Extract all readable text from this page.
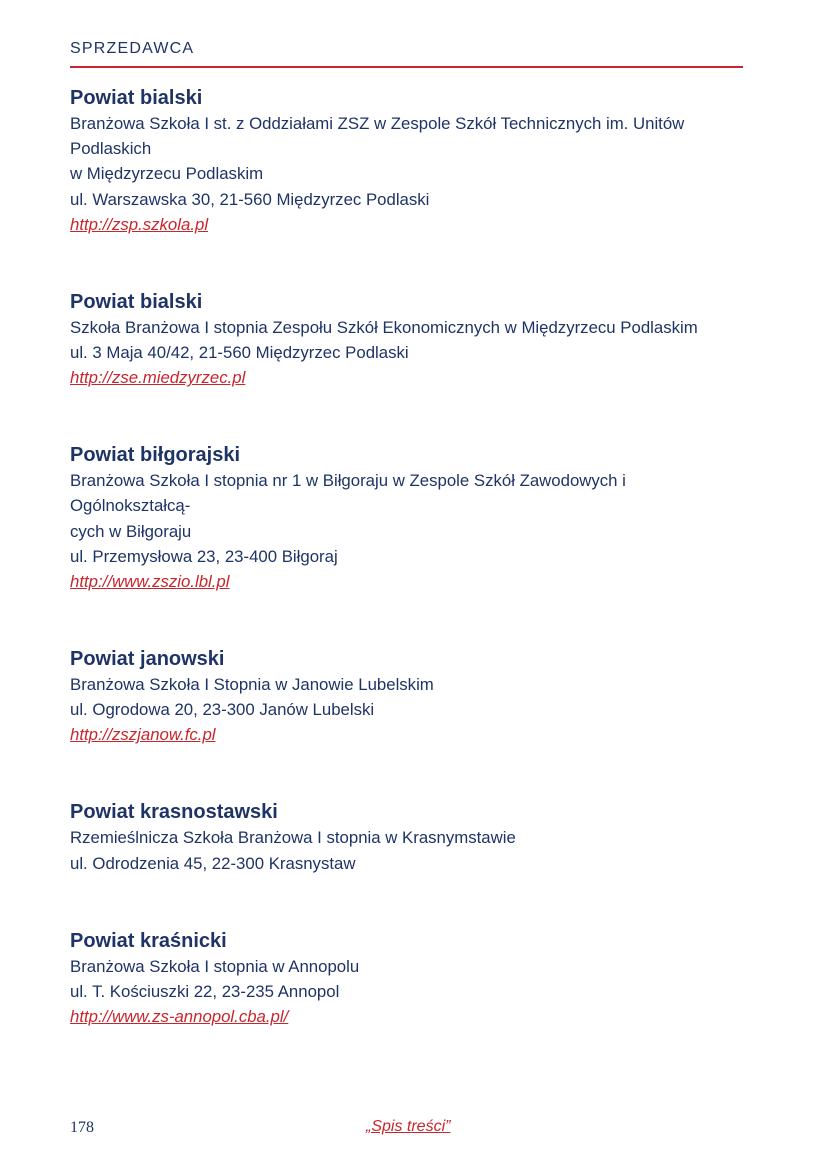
SPRZEDAWCA
Powiat bialski
Branżowa Szkoła I st. z Oddziałami ZSZ w Zespole Szkół Technicznych im. Unitów Podlaskich
w Międzyrzecu Podlaskim
ul. Warszawska 30, 21-560 Międzyrzec Podlaski
http://zsp.szkola.pl
Powiat bialski
Szkoła Branżowa I stopnia Zespołu Szkół Ekonomicznych w Międzyrzecu Podlaskim
ul. 3 Maja 40/42, 21-560 Międzyrzec Podlaski
http://zse.miedzyrzec.pl
Powiat biłgorajski
Branżowa Szkoła I stopnia nr 1 w Biłgoraju w Zespole Szkół Zawodowych i Ogólnokształcą-
cych w Biłgoraju
ul. Przemysłowa 23, 23-400 Biłgoraj
http://www.zszio.lbl.pl
Powiat janowski
Branżowa Szkoła I Stopnia w Janowie Lubelskim
ul. Ogrodowa 20, 23-300 Janów Lubelski
http://zszjanow.fc.pl
Powiat krasnostawski
Rzemieślnicza Szkoła Branżowa I stopnia w Krasnymstawie
ul. Odrodzenia 45, 22-300 Krasnystaw
Powiat kraśnicki
Branżowa Szkoła I stopnia w Annopolu
ul. T. Kościuszki 22, 23-235 Annopol
http://www.zs-annopol.cba.pl/
178	„Spis treści”
